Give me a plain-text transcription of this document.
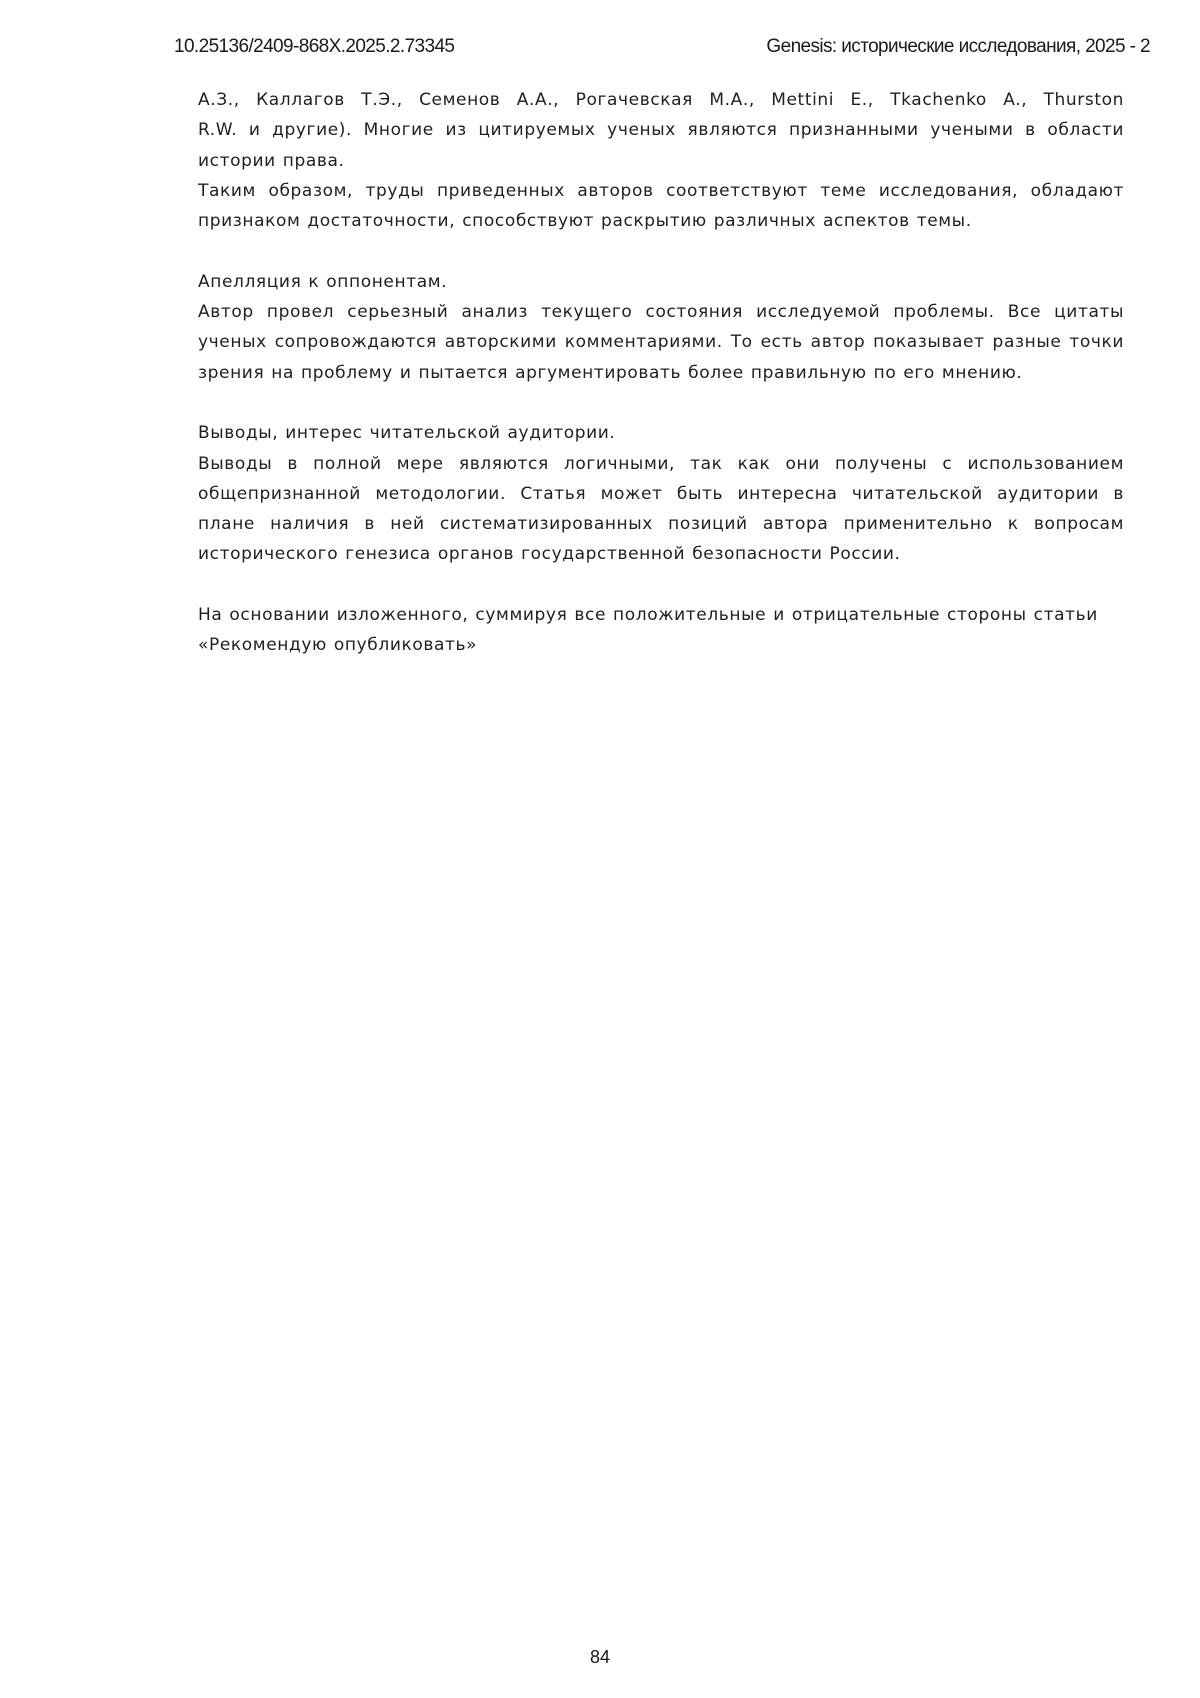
10.25136/2409-868X.2025.2.73345	Genesis: исторические исследования, 2025 - 2
А.З., Каллагов Т.Э., Семенов А.А., Рогачевская М.А., Mettini E., Tkachenko A., Thurston

R.W. и другие). Многие из цитируемых ученых являются признанными учеными в области истории права.

Таким образом, труды приведенных авторов соответствуют теме исследования, обладают признаком достаточности, способствуют раскрытию различных аспектов темы.

Апелляция к оппонентам.

Автор провел серьезный анализ текущего состояния исследуемой проблемы. Все цитаты ученых сопровождаются авторскими комментариями. То есть автор показывает разные точки зрения на проблему и пытается аргументировать более правильную по его мнению.

Выводы, интерес читательской аудитории.

Выводы в полной мере являются логичными, так как они получены с использованием общепризнанной методологии. Статья может быть интересна читательской аудитории в плане наличия в ней систематизированных позиций автора применительно к вопросам исторического генезиса органов государственной безопасности России.

На основании изложенного, суммируя все положительные и отрицательные стороны статьи

«Рекомендую опубликовать»

84
